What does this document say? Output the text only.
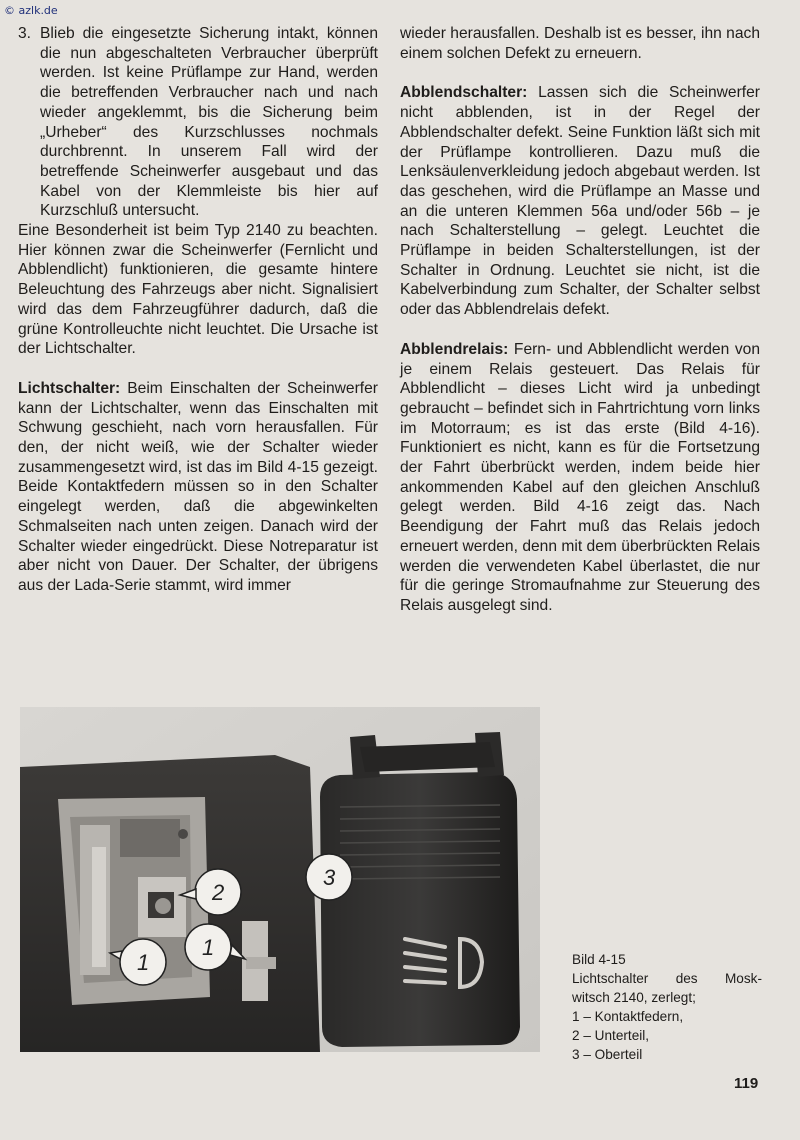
© azlk.de
3. Blieb die eingesetzte Sicherung intakt, können die nun abgeschalteten Verbraucher überprüft werden. Ist keine Prüflampe zur Hand, werden die betreffenden Verbraucher nach und nach wieder angeklemmt, bis die Sicherung beim „Urheber“ des Kurzschlusses nochmals durchbrennt. In unserem Fall wird der betreffende Scheinwerfer ausgebaut und das Kabel von der Klemmleiste bis hier auf Kurzschluß untersucht.

Eine Besonderheit ist beim Typ 2140 zu beachten. Hier können zwar die Scheinwerfer (Fernlicht und Abblendlicht) funktionieren, die gesamte hintere Beleuchtung des Fahrzeugs aber nicht. Signalisiert wird das dem Fahrzeugführer dadurch, daß die grüne Kontrolleuchte nicht leuchtet. Die Ursache ist der Lichtschalter.

Lichtschalter: Beim Einschalten der Scheinwerfer kann der Lichtschalter, wenn das Einschalten mit Schwung geschieht, nach vorn herausfallen. Für den, der nicht weiß, wie der Schalter wieder zusammengesetzt wird, ist das im Bild 4-15 gezeigt. Beide Kontaktfedern müssen so in den Schalter eingelegt werden, daß die abgewinkelten Schmalseiten nach unten zeigen. Danach wird der Schalter wieder eingedrückt. Diese Notreparatur ist aber nicht von Dauer. Der Schalter, der übrigens aus der Lada-Serie stammt, wird immer

wieder herausfallen. Deshalb ist es besser, ihn nach einem solchen Defekt zu erneuern.

Abblendschalter: Lassen sich die Scheinwerfer nicht abblenden, ist in der Regel der Abblendschalter defekt. Seine Funktion läßt sich mit der Prüflampe kontrollieren. Dazu muß die Lenksäulenverkleidung jedoch abgebaut werden. Ist das geschehen, wird die Prüflampe an Masse und an die unteren Klemmen 56a und/oder 56b – je nach Schalterstellung – gelegt. Leuchtet die Prüflampe in beiden Schalterstellungen, ist der Schalter in Ordnung. Leuchtet sie nicht, ist die Kabelverbindung zum Schalter, der Schalter selbst oder das Abblendrelais defekt.

Abblendrelais: Fern- und Abblendlicht werden von je einem Relais gesteuert. Das Relais für Abblendlicht – dieses Licht wird ja unbedingt gebraucht – befindet sich in Fahrtrichtung vorn links im Motorraum; es ist das erste (Bild 4-16). Funktioniert es nicht, kann es für die Fortsetzung der Fahrt überbrückt werden, indem beide hier ankommenden Kabel auf den gleichen Anschluß gelegt werden. Bild 4-16 zeigt das. Nach Beendigung der Fahrt muß das Relais jedoch erneuert werden, denn mit dem überbrückten Relais werden die verwendeten Kabel überlastet, die nur für die geringe Stromaufnahme zur Steuerung des Relais ausgelegt sind.

1
1
2
3
Bild 4-15
Lichtschalter des Mosk-
witsch 2140, zerlegt;
1 – Kontaktfedern,
2 – Unterteil,
3 – Oberteil
119
